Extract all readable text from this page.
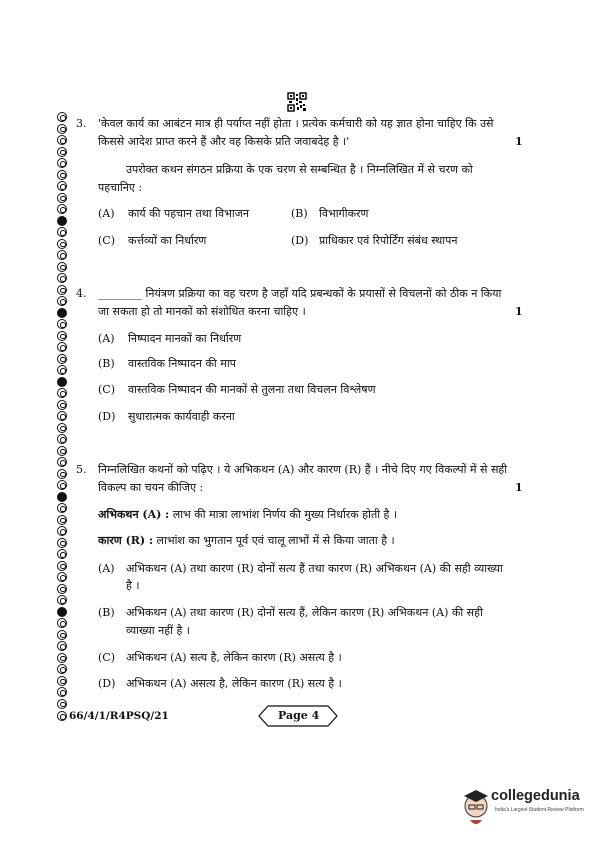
3. 'केवल कार्य का आबंटन मात्र ही पर्याप्त नहीं होता । प्रत्येक कर्मचारी को यह ज्ञात होना चाहिए कि उसे
किससे आदेश प्राप्त करने हैं और वह किसके प्रति जवाबदेह है ।'	1
उपरोक्त कथन संगठन प्रक्रिया के एक चरण से सम्बन्धित है । निम्नलिखित में से चरण को
पहचानिए :
(A) कार्य की पहचान तथा विभाजन	(B) विभागीकरण
(C) कर्त्तव्यों का निर्धारण	(D) प्राधिकार एवं रिपोर्टिंग संबंध स्थापन
4. ________ नियंत्रण प्रक्रिया का वह चरण है जहाँ यदि प्रबन्धकों के प्रयासों से विचलनों को ठीक न किया
जा सकता हो तो मानकों को संशोधित करना चाहिए ।	1
(A) निष्पादन मानकों का निर्धारण
(B) वास्तविक निष्पादन की माप
(C) वास्तविक निष्पादन की मानकों से तुलना तथा विचलन विश्लेषण
(D) सुधारात्मक कार्यवाही करना
5. निम्नलिखित कथनों को पढ़िए । ये अभिकथन (A) और कारण (R) हैं । नीचे दिए गए विकल्पों में से सही
विकल्प का चयन कीजिए :	1
अभिकथन (A) : लाभ की मात्रा लाभांश निर्णय की मुख्य निर्धारक होती है ।
कारण (R) : लाभांश का भुगतान पूर्व एवं चालू लाभों में से किया जाता है ।
(A) अभिकथन (A) तथा कारण (R) दोनों सत्य हैं तथा कारण (R) अभिकथन (A) की सही व्याख्या
है ।
(B) अभिकथन (A) तथा कारण (R) दोनों सत्य हैं, लेकिन कारण (R) अभिकथन (A) की सही
व्याख्या नहीं है ।
(C) अभिकथन (A) सत्य है, लेकिन कारण (R) असत्य है ।
(D) अभिकथन (A) असत्य है, लेकिन कारण (R) सत्य है ।
66/4/1/R4PSQ/21	Page 4
collegedunia
India's Largest Student Review Platform
